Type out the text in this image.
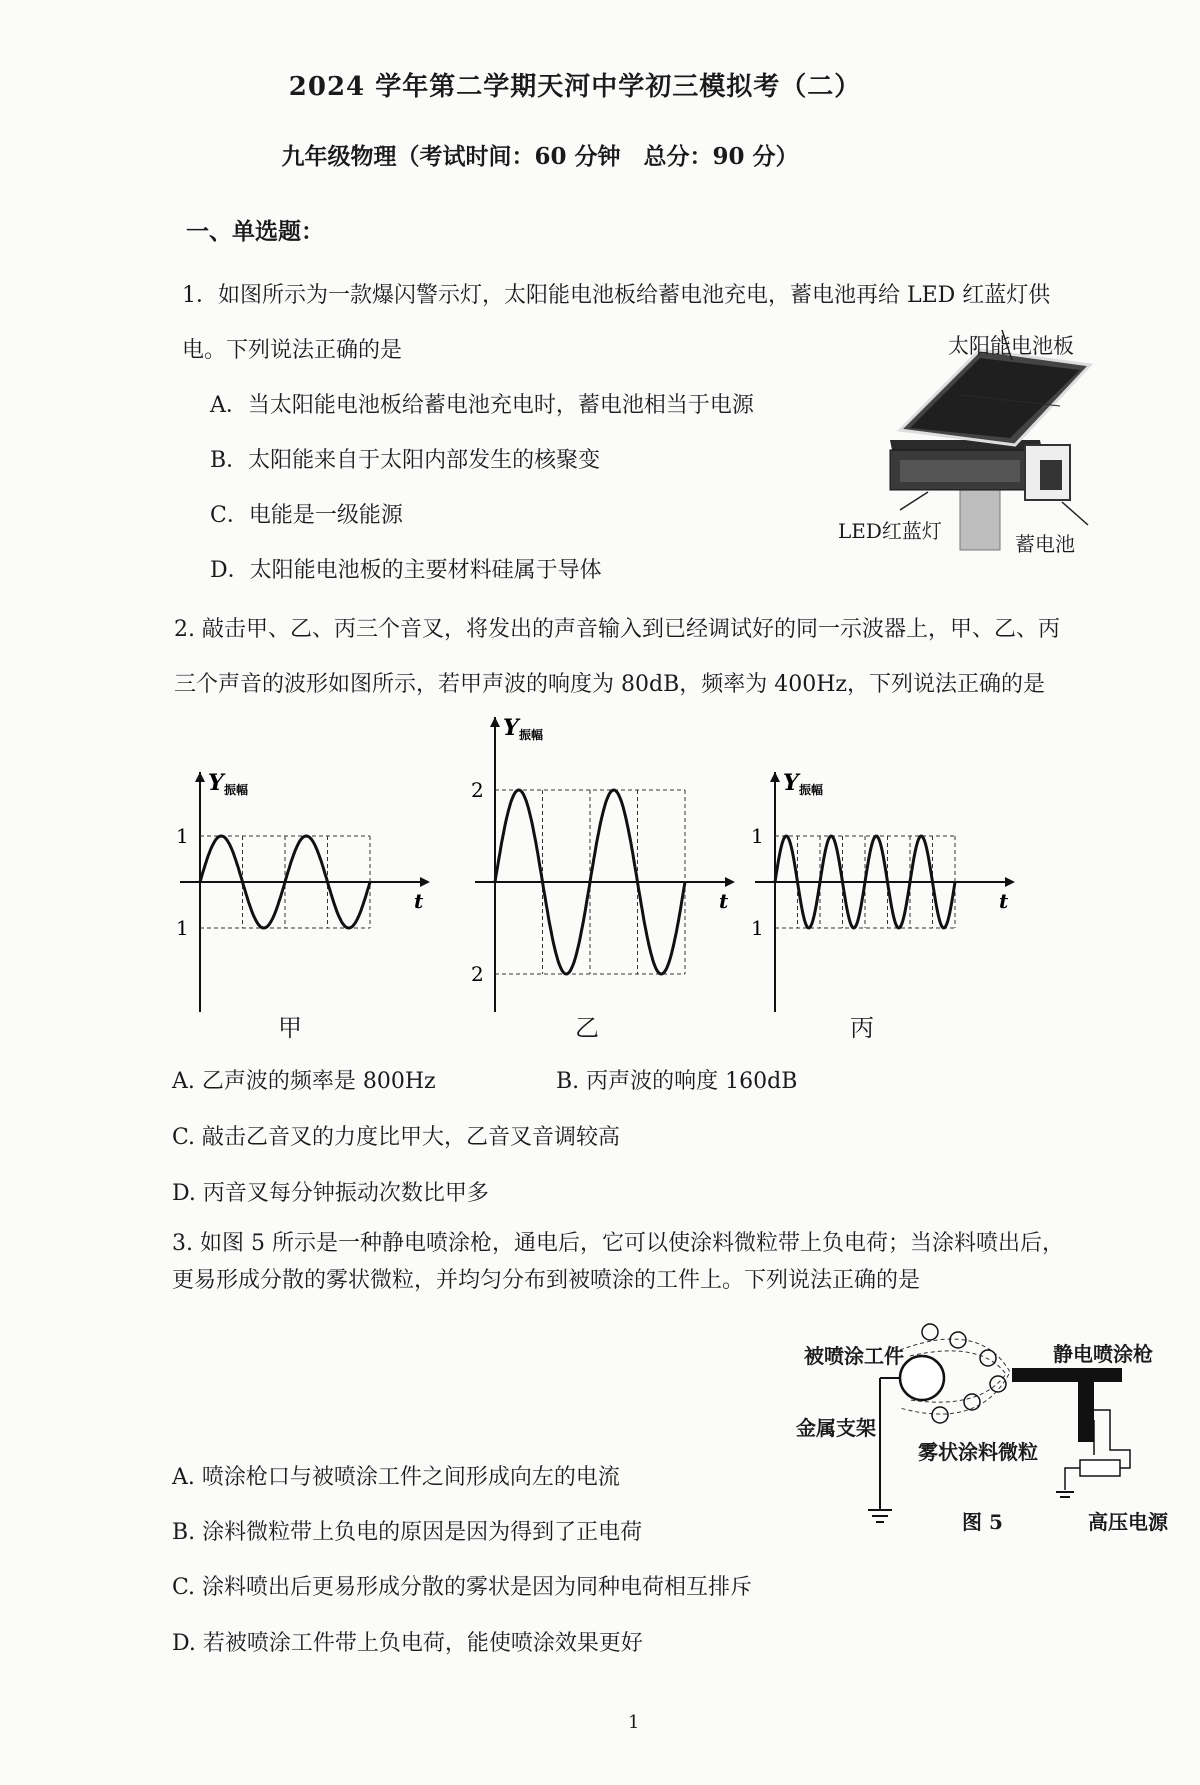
2024 学年第二学期天河中学初三模拟考（二）
九年级物理（考试时间：60 分钟　总分：90 分）
一、单选题：
1．如图所示为一款爆闪警示灯，太阳能电池板给蓄电池充电，蓄电池再给 LED 红蓝灯供
电。下列说法正确的是
A．当太阳能电池板给蓄电池充电时，蓄电池相当于电源
B．太阳能来自于太阳内部发生的核聚变
C．电能是一级能源
D．太阳能电池板的主要材料硅属于导体
太阳能电池板
LED红蓝灯
蓄电池
2. 敲击甲、乙、丙三个音叉，将发出的声音输入到已经调试好的同一示波器上，甲、乙、丙
三个声音的波形如图所示，若甲声波的响度为 80dB，频率为 400Hz，下列说法正确的是
1
1
Y 振幅
t
2
2
Y 振幅
t
1
1
Y 振幅
t
甲	乙	丙
A. 乙声波的频率是 800Hz	B. 丙声波的响度 160dB
C. 敲击乙音叉的力度比甲大，乙音叉音调较高
D. 丙音叉每分钟振动次数比甲多
3. 如图 5 所示是一种静电喷涂枪，通电后，它可以使涂料微粒带上负电荷；当涂料喷出后，
更易形成分散的雾状微粒，并均匀分布到被喷涂的工件上。下列说法正确的是
A. 喷涂枪口与被喷涂工件之间形成向左的电流
B. 涂料微粒带上负电的原因是因为得到了正电荷
C. 涂料喷出后更易形成分散的雾状是因为同种电荷相互排斥
D. 若被喷涂工件带上负电荷，能使喷涂效果更好
被喷涂工件	静电喷涂枪
金属支架
雾状涂料微粒
图 5	高压电源
1
